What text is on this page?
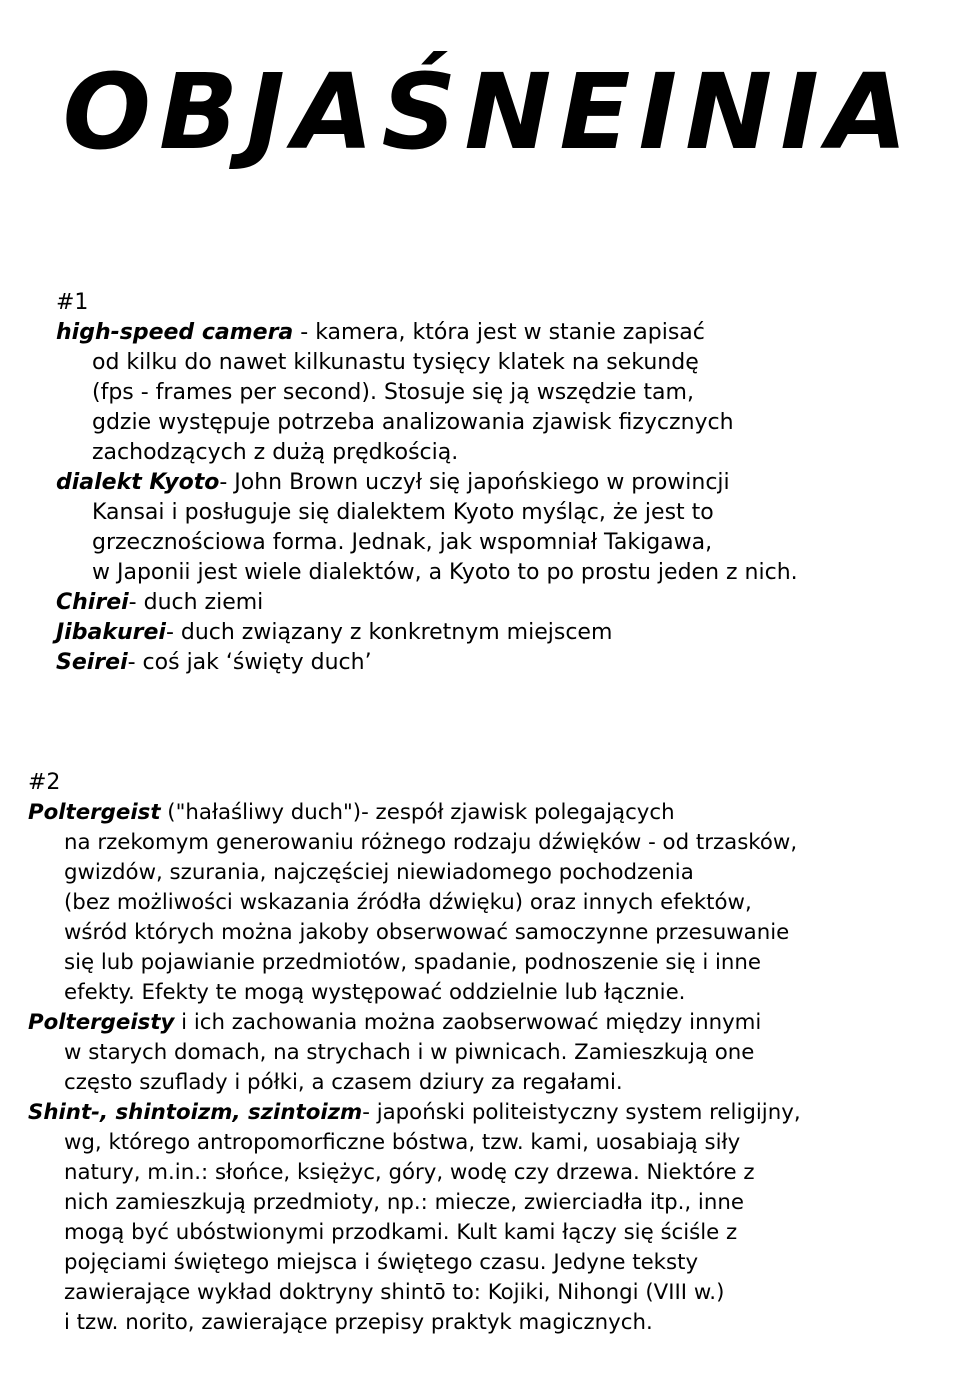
OBJAŚNEINIA
#1
high-speed camera - kamera, która jest w stanie zapisać
od kilku do nawet kilkunastu tysięcy klatek na sekundę
(fps - frames per second). Stosuje się ją wszędzie tam,
gdzie występuje potrzeba analizowania zjawisk fizycznych
zachodzących z dużą prędkością.
dialekt Kyoto- John Brown uczył się japońskiego w prowincji
Kansai i posługuje się dialektem Kyoto myśląc, że jest to
grzecznościowa forma. Jednak, jak wspomniał Takigawa,
w Japonii jest wiele dialektów, a Kyoto to po prostu jeden z nich.
Chirei- duch ziemi
Jibakurei- duch związany z konkretnym miejscem
Seirei- coś jak ‘święty duch’
#2
Poltergeist ("hałaśliwy duch")- zespół zjawisk polegających
na rzekomym generowaniu różnego rodzaju dźwięków - od trzasków,
gwizdów, szurania, najczęściej niewiadomego pochodzenia
(bez możliwości wskazania źródła dźwięku) oraz innych efektów,
wśród których można jakoby obserwować samoczynne przesuwanie
się lub pojawianie przedmiotów, spadanie, podnoszenie się i inne
efekty. Efekty te mogą występować oddzielnie lub łącznie.
Poltergeisty i ich zachowania można zaobserwować między innymi
w starych domach, na strychach i w piwnicach. Zamieszkują one
często szuflady i półki, a czasem dziury za regałami.
Shint-, shintoizm, szintoizm- japoński politeistyczny system religijny,
wg, którego antropomorficzne bóstwa, tzw. kami, uosabiają siły
natury, m.in.: słońce, księżyc, góry, wodę czy drzewa. Niektóre z
nich zamieszkują przedmioty, np.: miecze, zwierciadła itp., inne
mogą być ubóstwionymi przodkami. Kult kami łączy się ściśle z
pojęciami świętego miejsca i świętego czasu. Jedyne teksty
zawierające wykład doktryny shintō to: Kojiki, Nihongi (VIII w.)
i tzw. norito, zawierające przepisy praktyk magicznych.
